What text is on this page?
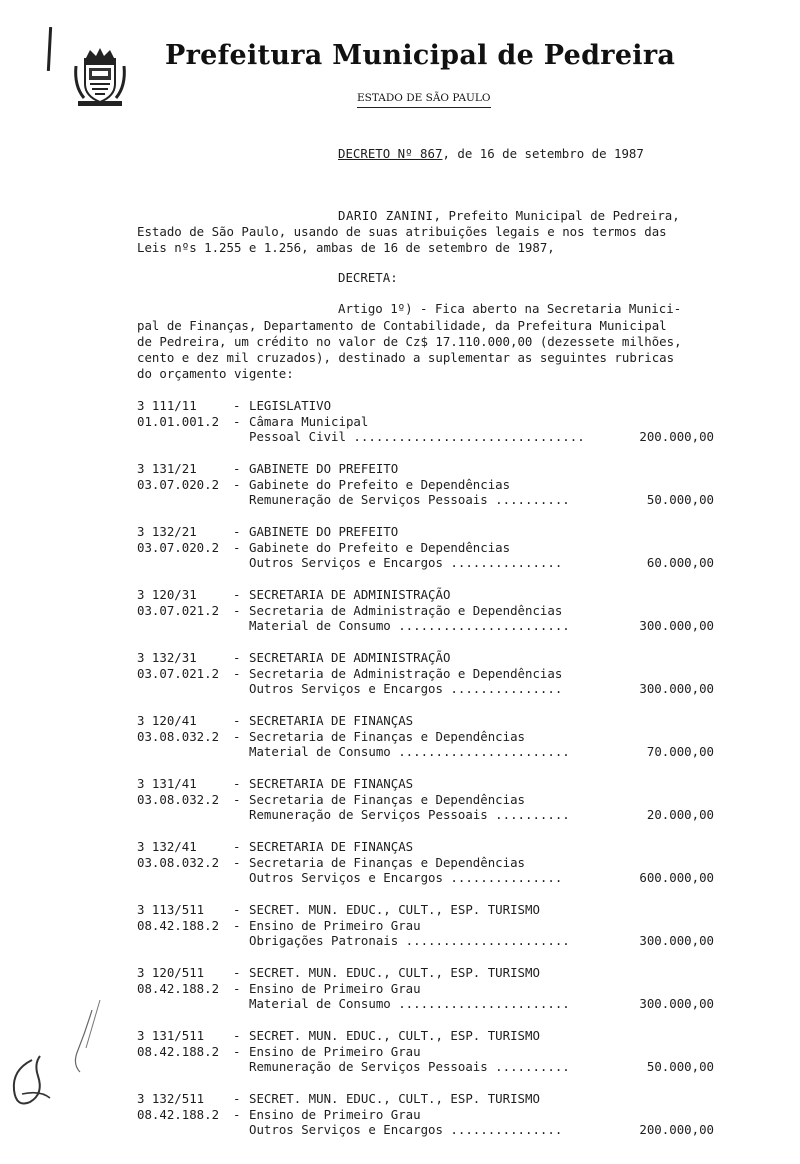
Prefeitura Municipal de Pedreira
ESTADO DE SÃO PAULO
DECRETO Nº 867, de 16 de setembro de 1987
DARIO ZANINI, Prefeito Municipal de Pedreira,
Estado de São Paulo, usando de suas atribuições legais e nos termos das
Leis nºs 1.255 e 1.256, ambas de 16 de setembro de 1987,
DECRETA:
Artigo 1º) - Fica aberto na Secretaria Munici-
pal de Finanças, Departamento de Contabilidade, da Prefeitura Municipal
de Pedreira, um crédito no valor de Cz$ 17.110.000,00 (dezessete milhões,
cento e dez mil cruzados), destinado a suplementar as seguintes rubricas
do orçamento vigente:
3 111/11	- LEGISLATIVO
01.01.001.2 - Câmara Municipal
Pessoal Civil ...............................	200.000,00
3 131/21	- GABINETE DO PREFEITO
03.07.020.2 - Gabinete do Prefeito e Dependências
Remuneração de Serviços Pessoais ..........	50.000,00
3 132/21	- GABINETE DO PREFEITO
03.07.020.2 - Gabinete do Prefeito e Dependências
Outros Serviços e Encargos ...............	60.000,00
3 120/31	- SECRETARIA DE ADMINISTRAÇÃO
03.07.021.2 - Secretaria de Administração e Dependências
Material de Consumo .......................	300.000,00
3 132/31	- SECRETARIA DE ADMINISTRAÇÃO
03.07.021.2 - Secretaria de Administração e Dependências
Outros Serviços e Encargos ...............	300.000,00
3 120/41	- SECRETARIA DE FINANÇAS
03.08.032.2 - Secretaria de Finanças e Dependências
Material de Consumo .......................	70.000,00
3 131/41	- SECRETARIA DE FINANÇAS
03.08.032.2 - Secretaria de Finanças e Dependências
Remuneração de Serviços Pessoais ..........	20.000,00
3 132/41	- SECRETARIA DE FINANÇAS
03.08.032.2 - Secretaria de Finanças e Dependências
Outros Serviços e Encargos ...............	600.000,00
3 113/511 - SECRET. MUN. EDUC., CULT., ESP. TURISMO
08.42.188.2 - Ensino de Primeiro Grau
Obrigações Patronais ......................	300.000,00
3 120/511 - SECRET. MUN. EDUC., CULT., ESP. TURISMO
08.42.188.2 - Ensino de Primeiro Grau
Material de Consumo .......................	300.000,00
3 131/511 - SECRET. MUN. EDUC., CULT., ESP. TURISMO
08.42.188.2 - Ensino de Primeiro Grau
Remuneração de Serviços Pessoais ..........	50.000,00
3 132/511 - SECRET. MUN. EDUC., CULT., ESP. TURISMO
08.42.188.2 - Ensino de Primeiro Grau
Outros Serviços e Encargos ...............	200.000,00
